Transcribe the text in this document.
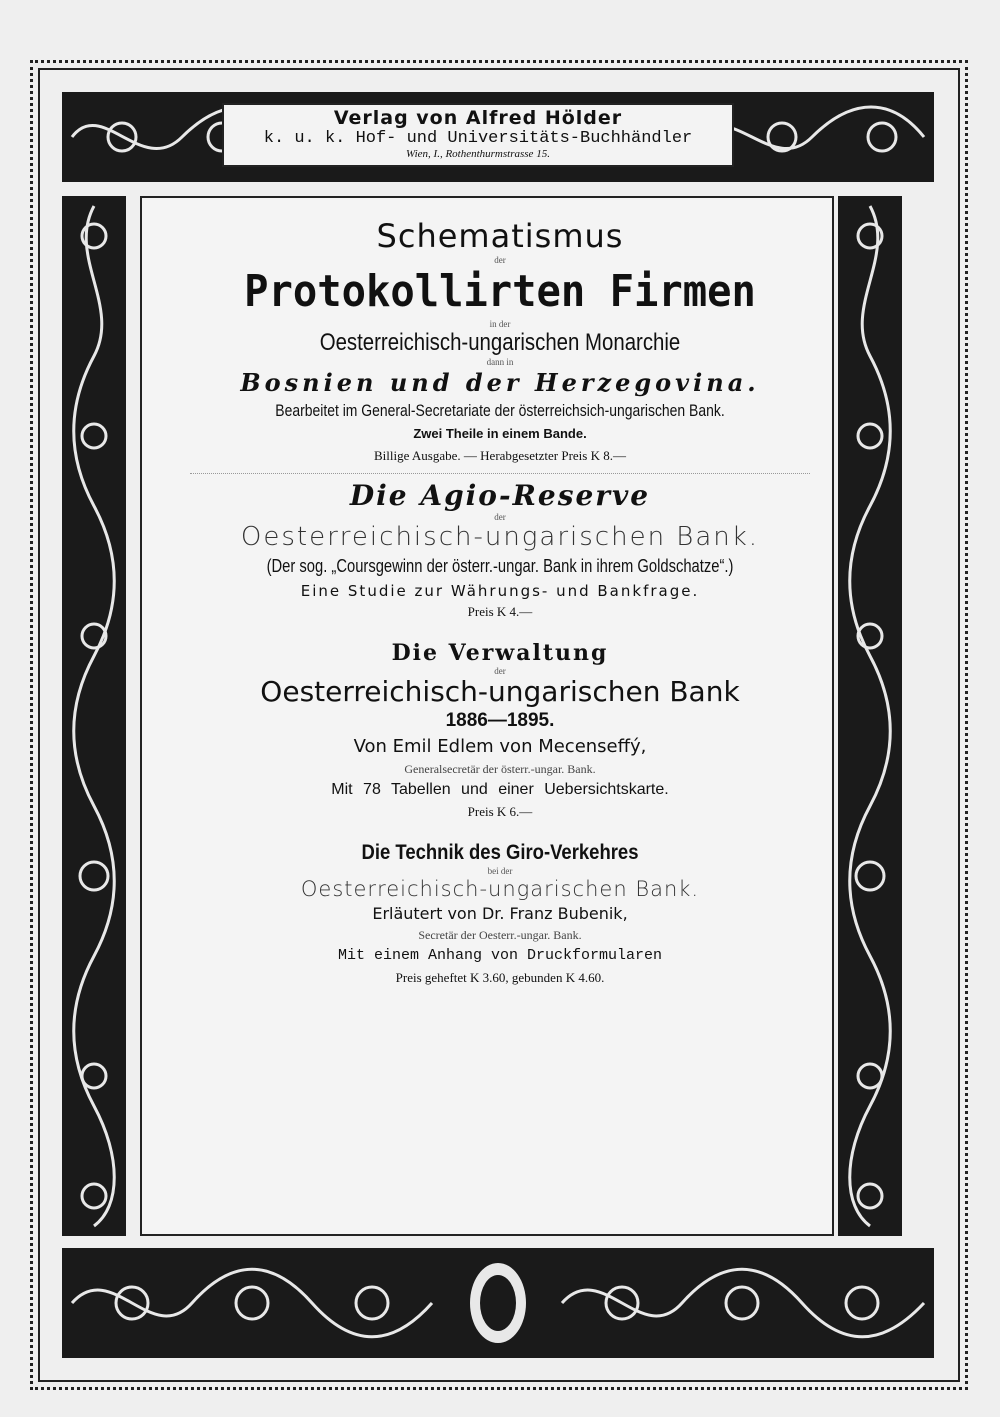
Verlag von Alfred Hölder
k. u. k. Hof- und Universitäts-Buchhändler
Wien, I., Rothenthurmstrasse 15.
Schematismus
der
Protokollirten Firmen
in der
Oesterreichisch-ungarischen Monarchie
dann in
Bosnien und der Herzegovina.
Bearbeitet im General-Secretariate der österreichsich-ungarischen Bank.
Zwei Theile in einem Bande.
Billige Ausgabe. — Herabgesetzter Preis K 8.—
Die Agio-Reserve
der
Oesterreichisch-ungarischen Bank.
(Der sog. „Coursgewinn der österr.-ungar. Bank in ihrem Goldschatze“.)
Eine Studie zur Währungs- und Bankfrage.
Preis K 4.—
Die Verwaltung
der
Oesterreichisch-ungarischen Bank
1886—1895.
Von Emil Edlem von Mecenseffý,
Generalsecretär der österr.-ungar. Bank.
Mit 78 Tabellen und einer Uebersichtskarte.
Preis K 6.—
Die Technik des Giro-Verkehres
bei der
Oesterreichisch-ungarischen Bank.
Erläutert von Dr. Franz Bubenik,
Secretär der Oesterr.-ungar. Bank.
Mit einem Anhang von Druckformularen
Preis geheftet K 3.60, gebunden K 4.60.
